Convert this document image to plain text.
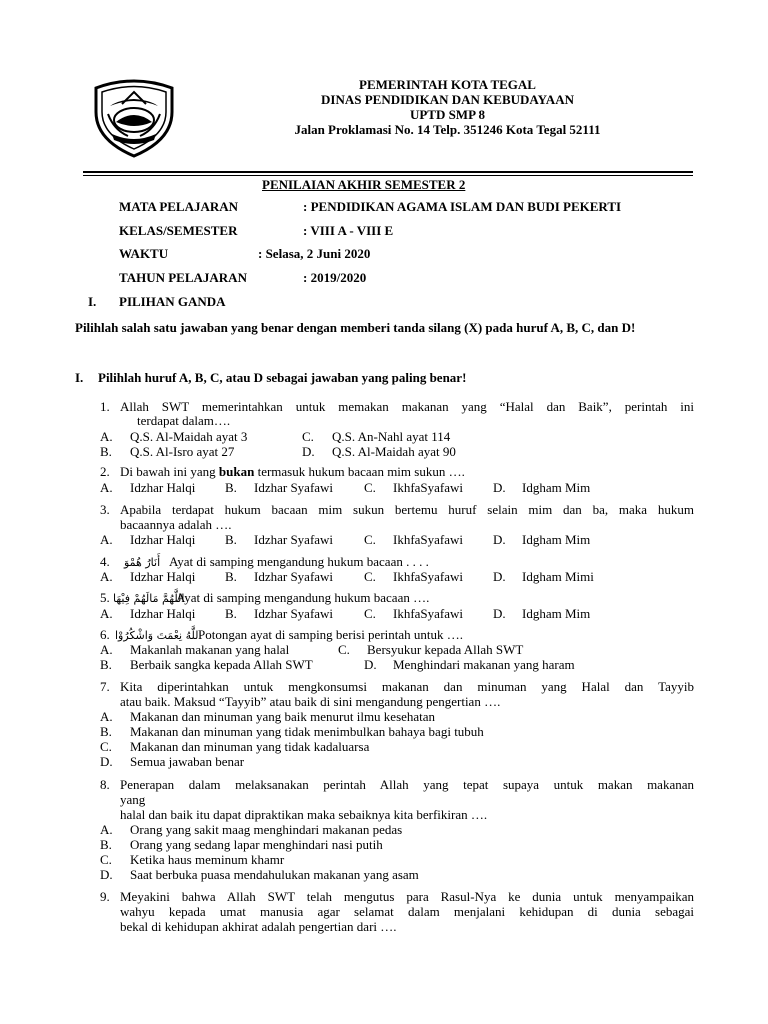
PEMERINTAH KOTA TEGAL
DINAS PENDIDIKAN DAN KEBUDAYAAN
UPTD SMP 8
Jalan Proklamasi No. 14 Telp. 351246 Kota Tegal 52111
PENILAIAN AKHIR SEMESTER 2
MATA PELAJARAN	: PENDIDIKAN AGAMA ISLAM DAN BUDI PEKERTI
KELAS/SEMESTER	: VIII A - VIII E
WAKTU	: Selasa, 2 Juni 2020
TAHUN PELAJARAN	: 2019/2020
I. PILIHAN GANDA
Pilihlah salah satu jawaban yang benar dengan memberi tanda silang (X) pada huruf A, B, C, dan D!
I. Pilihlah huruf A, B, C, atau D sebagai jawaban yang paling benar!
1. Allah SWT memerintahkan untuk memakan makanan yang “Halal dan Baik”, perintah ini
terdapat dalam….
A. Q.S. Al-Maidah ayat 3	C. Q.S. An-Nahl ayat 114
B. Q.S. Al-Isro ayat 27	D. Q.S. Al-Maidah ayat 90
2. Di bawah ini yang bukan termasuk hukum bacaan mim sukun ….
A. Idzhar Halqi B. Idzhar Syafawi C. IkhfaSyafawi D. Idgham Mim
3. Apabila terdapat hukum bacaan mim sukun bertemu huruf selain mim dan ba, maka hukum
bacaannya adalah ….
A. Idzhar Halqi B. Idzhar Syafawi C. IkhfaSyafawi D. Idgham Mim
4. أَنَارُ هُمْوَ Ayat di samping mengandung hukum bacaan . . . .
A. Idzhar Halqi B. Idzhar Syafawi C. IkhfaSyafawi D. Idgham Mimi
5. اللَّهُمَّ مَالَهُمْ فِيْهَا
Ayat di samping mengandung hukum bacaan ….
A. Idzhar Halqi B. Idzhar Syafawi C. IkhfaSyafawi D. Idgham Mim
6. اللَّهُ نِعْمَتَ وَاشْكُرُوْا
Potongan ayat di samping berisi perintah untuk ….
A. Makanlah makanan yang halal	C. Bersyukur kepada Allah SWT
B. Berbaik sangka kepada Allah SWT	D. Menghindari makanan yang haram
7. Kita diperintahkan untuk mengkonsumsi makanan dan minuman yang Halal dan Tayyib
atau baik. Maksud “Tayyib” atau baik di sini mengandung pengertian ….
A. Makanan dan minuman yang baik menurut ilmu kesehatan
B. Makanan dan minuman yang tidak menimbulkan bahaya bagi tubuh
C. Makanan dan minuman yang tidak kadaluarsa
D. Semua jawaban benar
8. Penerapan dalam melaksanakan perintah Allah yang tepat supaya untuk makan makanan
yang
halal dan baik itu dapat dipraktikan maka sebaiknya kita berfikiran ….
A. Orang yang sakit maag menghindari makanan pedas
B. Orang yang sedang lapar menghindari nasi putih
C. Ketika haus meminum khamr
D. Saat berbuka puasa mendahulukan makanan yang asam
9. Meyakini bahwa Allah SWT telah mengutus para Rasul-Nya ke dunia untuk menyampaikan
wahyu kepada umat manusia agar selamat dalam menjalani kehidupan di dunia sebagai
bekal di kehidupan akhirat adalah pengertian dari ….
